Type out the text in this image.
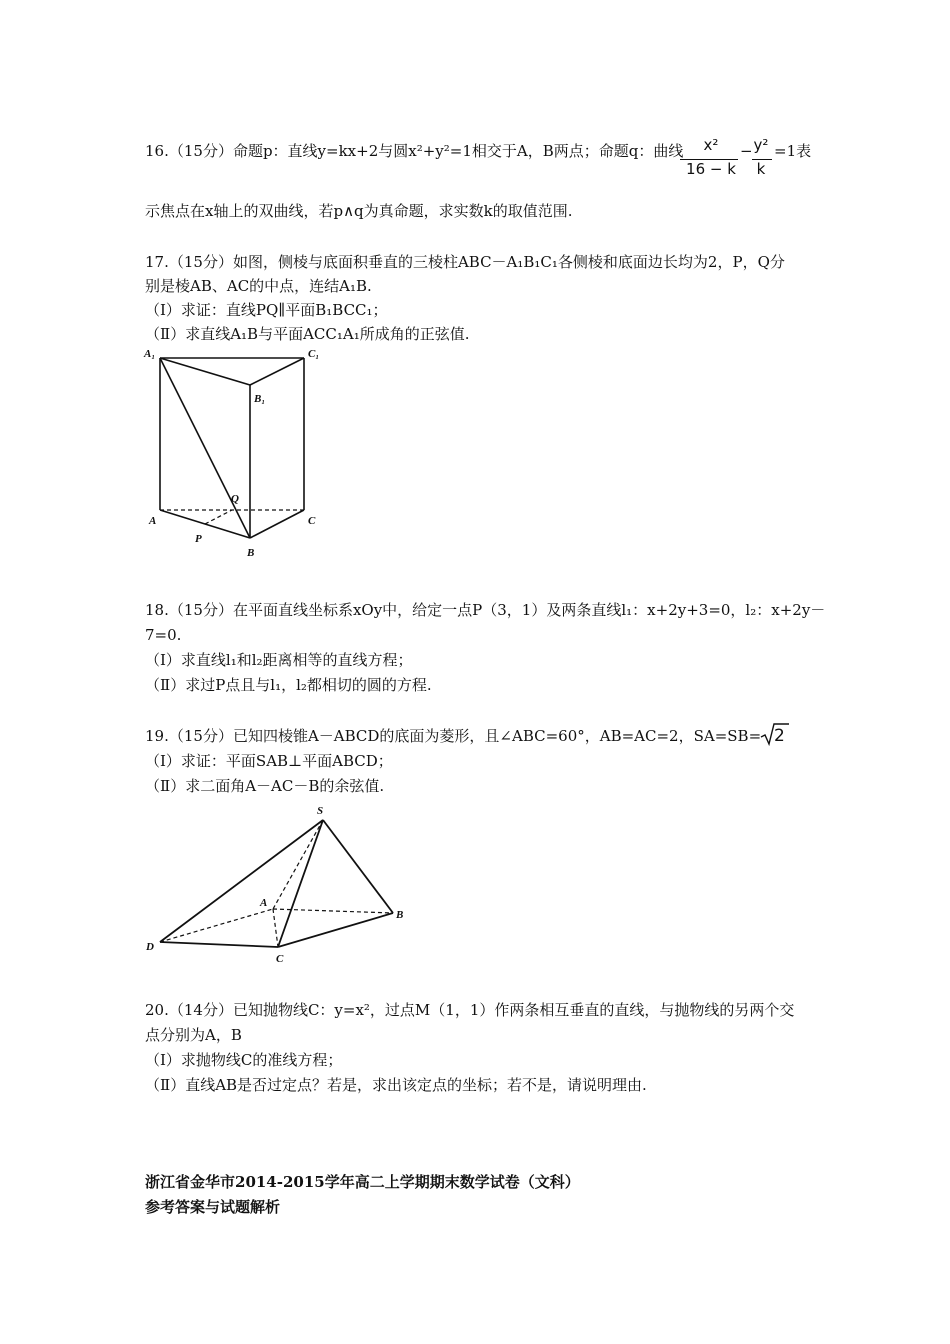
16.（15分）命题p：直线y=kx+2与圆x²+y²=1相交于A，B两点；命题q：曲线	x²
16 − k
− y²
k
=1表
示焦点在x轴上的双曲线，若p∧q为真命题，求实数k的取值范围.
17.（15分）如图，侧棱与底面积垂直的三棱柱ABC－A₁B₁C₁各侧棱和底面边长均为2，P，Q分
别是棱AB、AC的中点，连结A₁B.
（Ⅰ）求证：直线PQ∥平面B₁BCC₁；
（Ⅱ）求直线A₁B与平面ACC₁A₁所成角的正弦值.
A₁	C₁
B₁
Q
A	C
P
B
18.（15分）在平面直线坐标系xOy中，给定一点P（3，1）及两条直线l₁：x+2y+3=0，l₂：x+2y－
7=0.
（Ⅰ）求直线l₁和l₂距离相等的直线方程；
（Ⅱ）求过P点且与l₁，l₂都相切的圆的方程.
19.（15分）已知四棱锥A－ABCD的底面为菱形，且∠ABC=60°，AB=AC=2，SA=SB= 2
（Ⅰ）求证：平面SAB⊥平面ABCD；
（Ⅱ）求二面角A－AC－B的余弦值.
S
A
B
D
C
20.（14分）已知抛物线C：y=x²，过点M（1，1）作两条相互垂直的直线，与抛物线的另两个交
点分别为A，B
（Ⅰ）求抛物线C的准线方程；
（Ⅱ）直线AB是否过定点？若是，求出该定点的坐标；若不是，请说明理由.
浙江省金华市2014-2015学年高二上学期期末数学试卷（文科）
参考答案与试题解析
